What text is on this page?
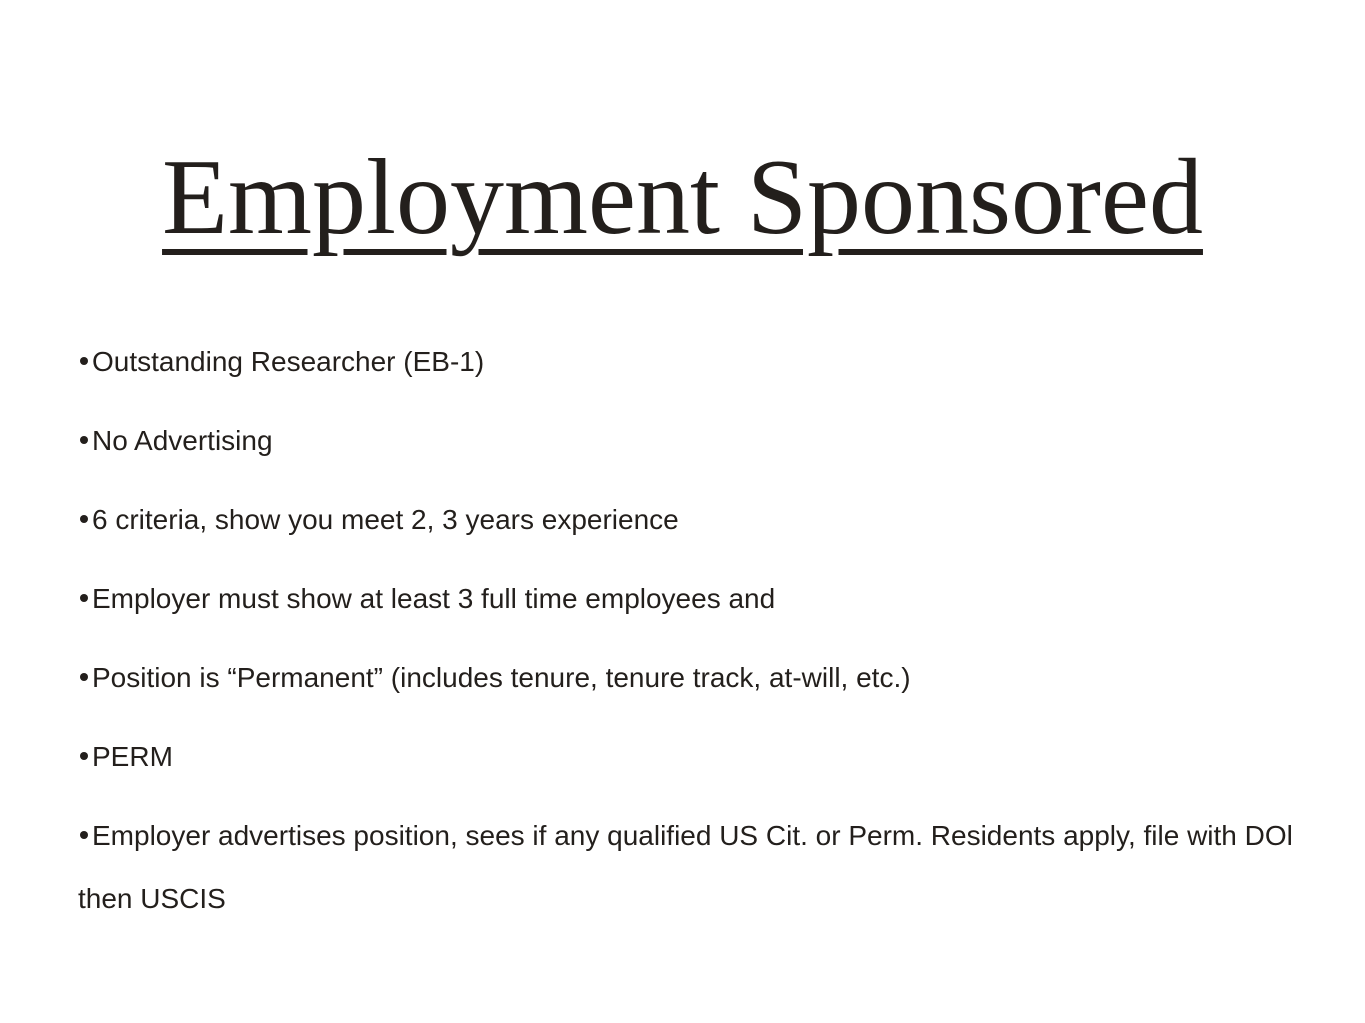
Employment Sponsored
Outstanding Researcher (EB-1)
No Advertising
6 criteria, show you meet 2, 3 years experience
Employer must show at least 3 full time employees and
Position is “Permanent” (includes tenure, tenure track, at-will, etc.)
PERM
Employer advertises position, sees if any qualified US Cit. or Perm. Residents apply, file with DOl then USCIS
